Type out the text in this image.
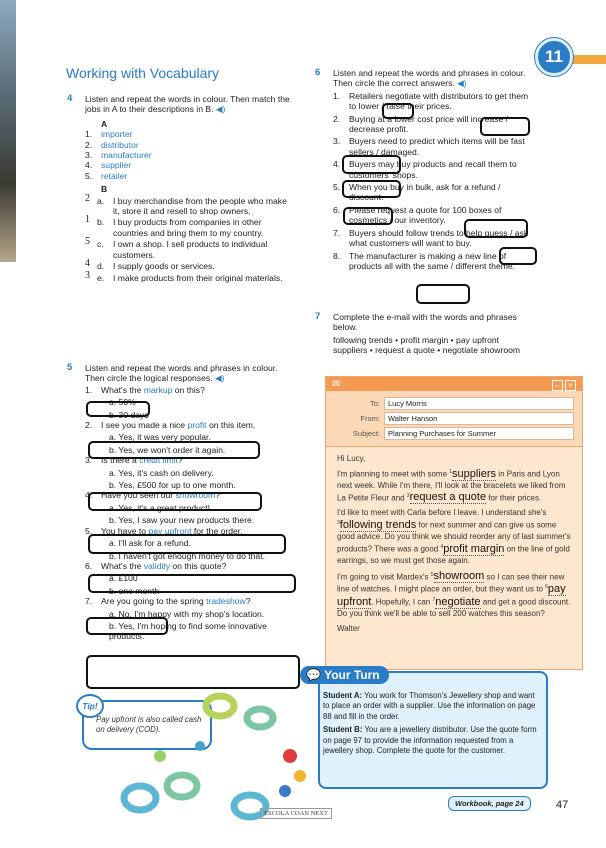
11
Working with Vocabulary
4 Listen and repeat the words in colour. Then match the jobs in A to their descriptions in B. ◀)
A
1. importer
2. distributor
3. manufacturer
4. supplier
5. retailer
B
2 a. I buy merchandise from the people who make it, store it and resell to shop owners.
1 b. I buy products from companies in other countries and bring them to my country.
5 c. I own a shop. I sell products to individual customers.
4 d. I supply goods or services.
3 e. I make products from their original materials.
5 Listen and repeat the words and phrases in colour. Then circle the logical responses. ◀)
1. What's the markup on this?
a. 50%
b. 30 days
2. I see you made a nice profit on this item.
a. Yes, it was very popular.
b. Yes, we won't order it again.
3. Is there a credit limit?
a. Yes, it's cash on delivery.
b. Yes, £500 for up to one month.
4. Have you seen our showroom?
a. Yes, it's a great product!
b. Yes, I saw your new products there.
5. You have to pay upfront for the order.
a. I'll ask for a refund.
b. I haven't got enough money to do that.
6. What's the validity on this quote?
a. £100
b. one month
7. Are you going to the spring tradeshow?
a. No, I'm happy with my shop's location.
b. Yes, I'm hoping to find some innovative products.
Tip!
Pay upfront is also called cash on delivery (COD).
6 Listen and repeat the words and phrases in colour. Then circle the correct answers. ◀)
1. Retailers negotiate with distributors to get them to lower / raise their prices.
2. Buying at a lower cost price will increase / decrease profit.
3. Buyers need to predict which items will be fast sellers / damaged.
4. Buyers may buy products and recall them to customers' shops.
5. When you buy in bulk, ask for a refund / discount.
6. Please request a quote for 100 boxes of cosmetics / our inventory.
7. Buyers should follow trends to help guess / ask what customers will want to buy.
8. The manufacturer is making a new line of products all with the same / different theme.
7 Complete the e-mail with the words and phrases below.
following trends • profit margin • pay upfront suppliers • request a quote • negotiate showroom
✉	– ×
To:	Lucy Morris
From:	Walter Hanson
Subject:	Planning Purchases for Summer
Hi Lucy,
I'm planning to meet with some $^1$suppliers in Paris and Lyon next week. While I'm there, I'll look at the bracelets we liked from La Petite Fleur and $^2$request a quote for their prices.
I'd like to meet with Carla before I leave. I understand she's $^3$following trends for next summer and can give us some good advice. Do you think we should reorder any of last summer's products? There was a good $^4$profit margin on the line of gold earrings, so we must get those again.
I'm going to visit Mardex's $^5$showroom so I can see their new line of watches. I might place an order, but they want us to $^6$pay upfront. Hopefully, I can $^7$negotiate and get a good discount. Do you think we'll be able to sell 200 watches this season?
Walter
💬 Your Turn
Student A: You work for Thomson's Jewellery shop and want to place an order with a supplier. Use the information on page 88 and fill in the order.
Student B: You are a jewellery distributor. Use the quote form on page 97 to provide the information requested from a jewellery shop. Complete the quote for the customer.
Workbook, page 24	47
ESCOLA COAN NEXT
